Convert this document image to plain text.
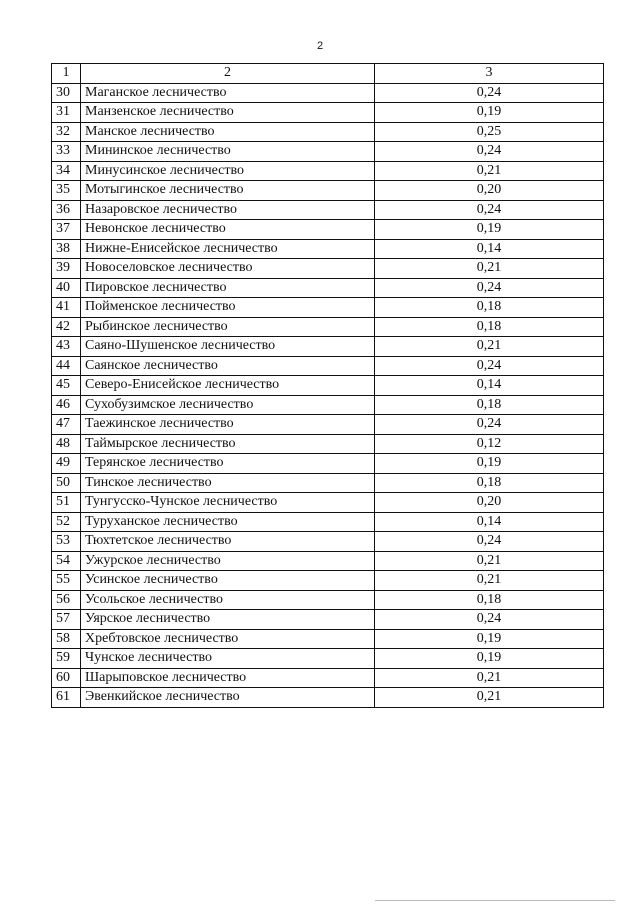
2
1	2	3
30	Маганское лесничество	0,24
31	Манзенское лесничество	0,19
32	Манское лесничество	0,25
33	Мининское лесничество	0,24
34	Минусинское лесничество	0,21
35	Мотыгинское лесничество	0,20
36	Назаровское лесничество	0,24
37	Невонское лесничество	0,19
38	Нижне-Енисейское лесничество	0,14
39	Новоселовское лесничество	0,21
40	Пировское лесничество	0,24
41	Пойменское лесничество	0,18
42	Рыбинское лесничество	0,18
43	Саяно-Шушенское лесничество	0,21
44	Саянское лесничество	0,24
45	Северо-Енисейское лесничество	0,14
46	Сухобузимское лесничество	0,18
47	Таежинское лесничество	0,24
48	Таймырское лесничество	0,12
49	Терянское лесничество	0,19
50	Тинское лесничество	0,18
51	Тунгусско-Чунское лесничество	0,20
52	Туруханское лесничество	0,14
53	Тюхтетское лесничество	0,24
54	Ужурское лесничество	0,21
55	Усинское лесничество	0,21
56	Усольское лесничество	0,18
57	Уярское лесничество	0,24
58	Хребтовское лесничество	0,19
59	Чунское лесничество	0,19
60	Шарыповское лесничество	0,21
61	Эвенкийское лесничество	0,21
